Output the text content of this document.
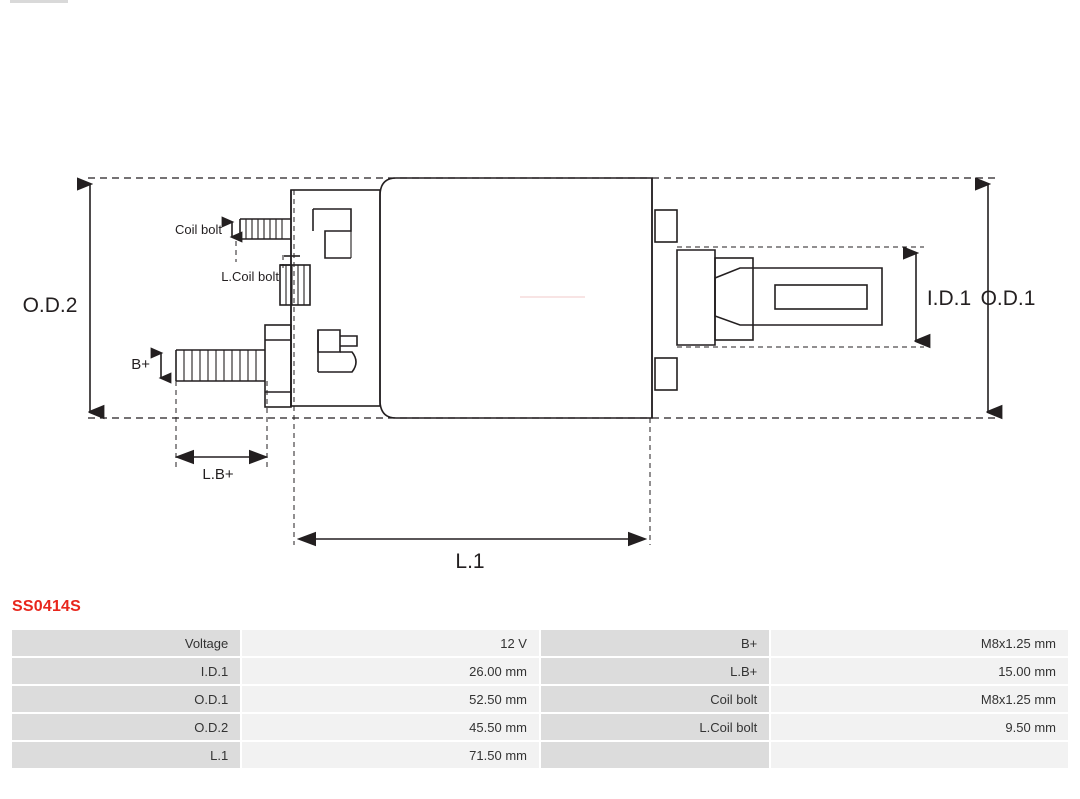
O.D.1
O.D.2	I.D.1
L.1
L.B+
Coil bolt
L.Coil bolt
B+
SS0414S
Voltage	12 V	B+	M8x1.25 mm
I.D.1	26.00 mm	L.B+	15.00 mm
O.D.1	52.50 mm	Coil bolt	M8x1.25 mm
O.D.2	45.50 mm	L.Coil bolt	9.50 mm
L.1	71.50 mm		
